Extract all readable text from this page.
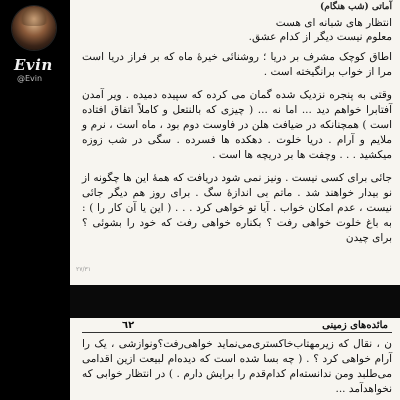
Evin
@Evin
آماتی (شب هنگام)
انتظار های شبانه ای هست
معلوم نیست دیگر از کدام عشق.

اطاق کوچک مشرف بر دریا ؛ روشنائی خیرهٔ ماه که بر فراز دریا است مرا از خواب برانگیخته است .

وقتی به پنجره نزدیک شده گمان می کرده که سپیده دمیده . ویر آمدن آفتابرا خواهم دید ... اما نه ... ( چیزی که بالنتعل و کاملاً اتفاق افتاده است ) همچنانکه در ضیافت هلن در فاوست دوم بود ، ماه است ، نرم و ملایم و آرام . دریا خلوت . دهکده ها فسرده . سگی در شب زوزه میکشید . . . وچفت ها بر دریچه ها است .

جائی برای کسی نیست . ونیز نمی شود دریافت که همهٔ این ها چگونه از نو بیدار خواهند شد . ماتم بی اندازهٔ سگ . برای روز هم دیگر جائی نیست ، عدم امکان خواب . آیا تو خواهی کرد . . . ( این یا آن کار را ) : به باغ خلوت خواهی رفت ؟ بکناره خواهی رفت که خود را بشوئی ؟ برای چیدن

٢٧/٣١
مائده‌های زمینی
٦٢

ن ، نقال که زیرمهتاب‌خاکستری‌می‌نماید خواهی‌رفت؟ونوازشی ، یک را آرام خواهی کرد ؟ . ( چه بسا شده است که دیده‌ام لبیعت ازین اقدامی می‌طلبد ومن ندانسته‌ام کدام‌قدم را برایش دارم . ) در انتظار خوابی که نخواهدآمد ...
